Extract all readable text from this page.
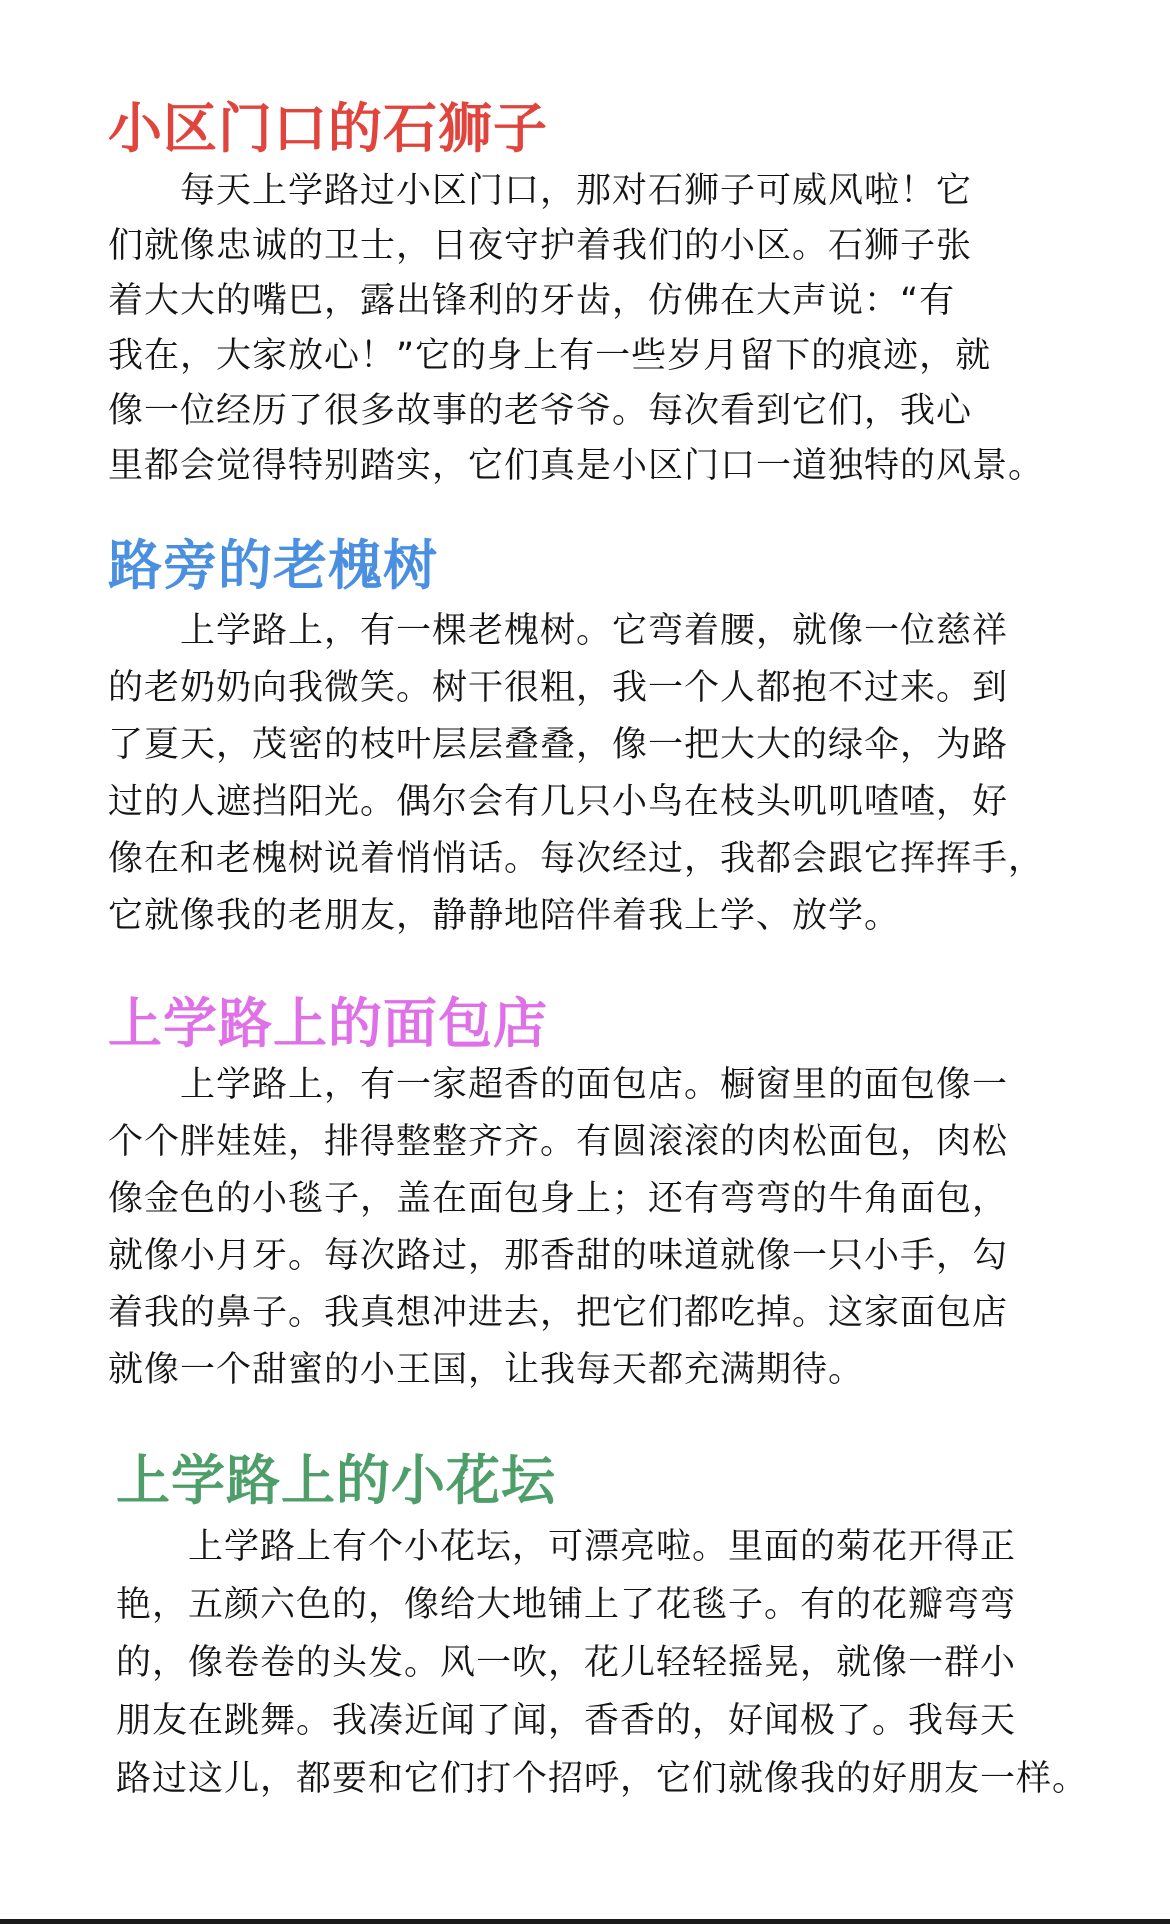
小区门口的石狮子
每天上学路过小区门口，那对石狮子可威风啦！它
们就像忠诚的卫士，日夜守护着我们的小区。石狮子张
着大大的嘴巴，露出锋利的牙齿，仿佛在大声说：“有
我在，大家放心！”它的身上有一些岁月留下的痕迹，就
像一位经历了很多故事的老爷爷。每次看到它们，我心
里都会觉得特别踏实，它们真是小区门口一道独特的风景。
路旁的老槐树
上学路上，有一棵老槐树。它弯着腰，就像一位慈祥
的老奶奶向我微笑。树干很粗，我一个人都抱不过来。到
了夏天，茂密的枝叶层层叠叠，像一把大大的绿伞，为路
过的人遮挡阳光。偶尔会有几只小鸟在枝头叽叽喳喳，好
像在和老槐树说着悄悄话。每次经过，我都会跟它挥挥手，
它就像我的老朋友，静静地陪伴着我上学、放学。
上学路上的面包店
上学路上，有一家超香的面包店。橱窗里的面包像一
个个胖娃娃，排得整整齐齐。有圆滚滚的肉松面包，肉松
像金色的小毯子，盖在面包身上；还有弯弯的牛角面包，
就像小月牙。每次路过，那香甜的味道就像一只小手，勾
着我的鼻子。我真想冲进去，把它们都吃掉。这家面包店
就像一个甜蜜的小王国，让我每天都充满期待。
上学路上的小花坛
上学路上有个小花坛，可漂亮啦。里面的菊花开得正
艳，五颜六色的，像给大地铺上了花毯子。有的花瓣弯弯
的，像卷卷的头发。风一吹，花儿轻轻摇晃，就像一群小
朋友在跳舞。我凑近闻了闻，香香的，好闻极了。我每天
路过这儿，都要和它们打个招呼，它们就像我的好朋友一样。
